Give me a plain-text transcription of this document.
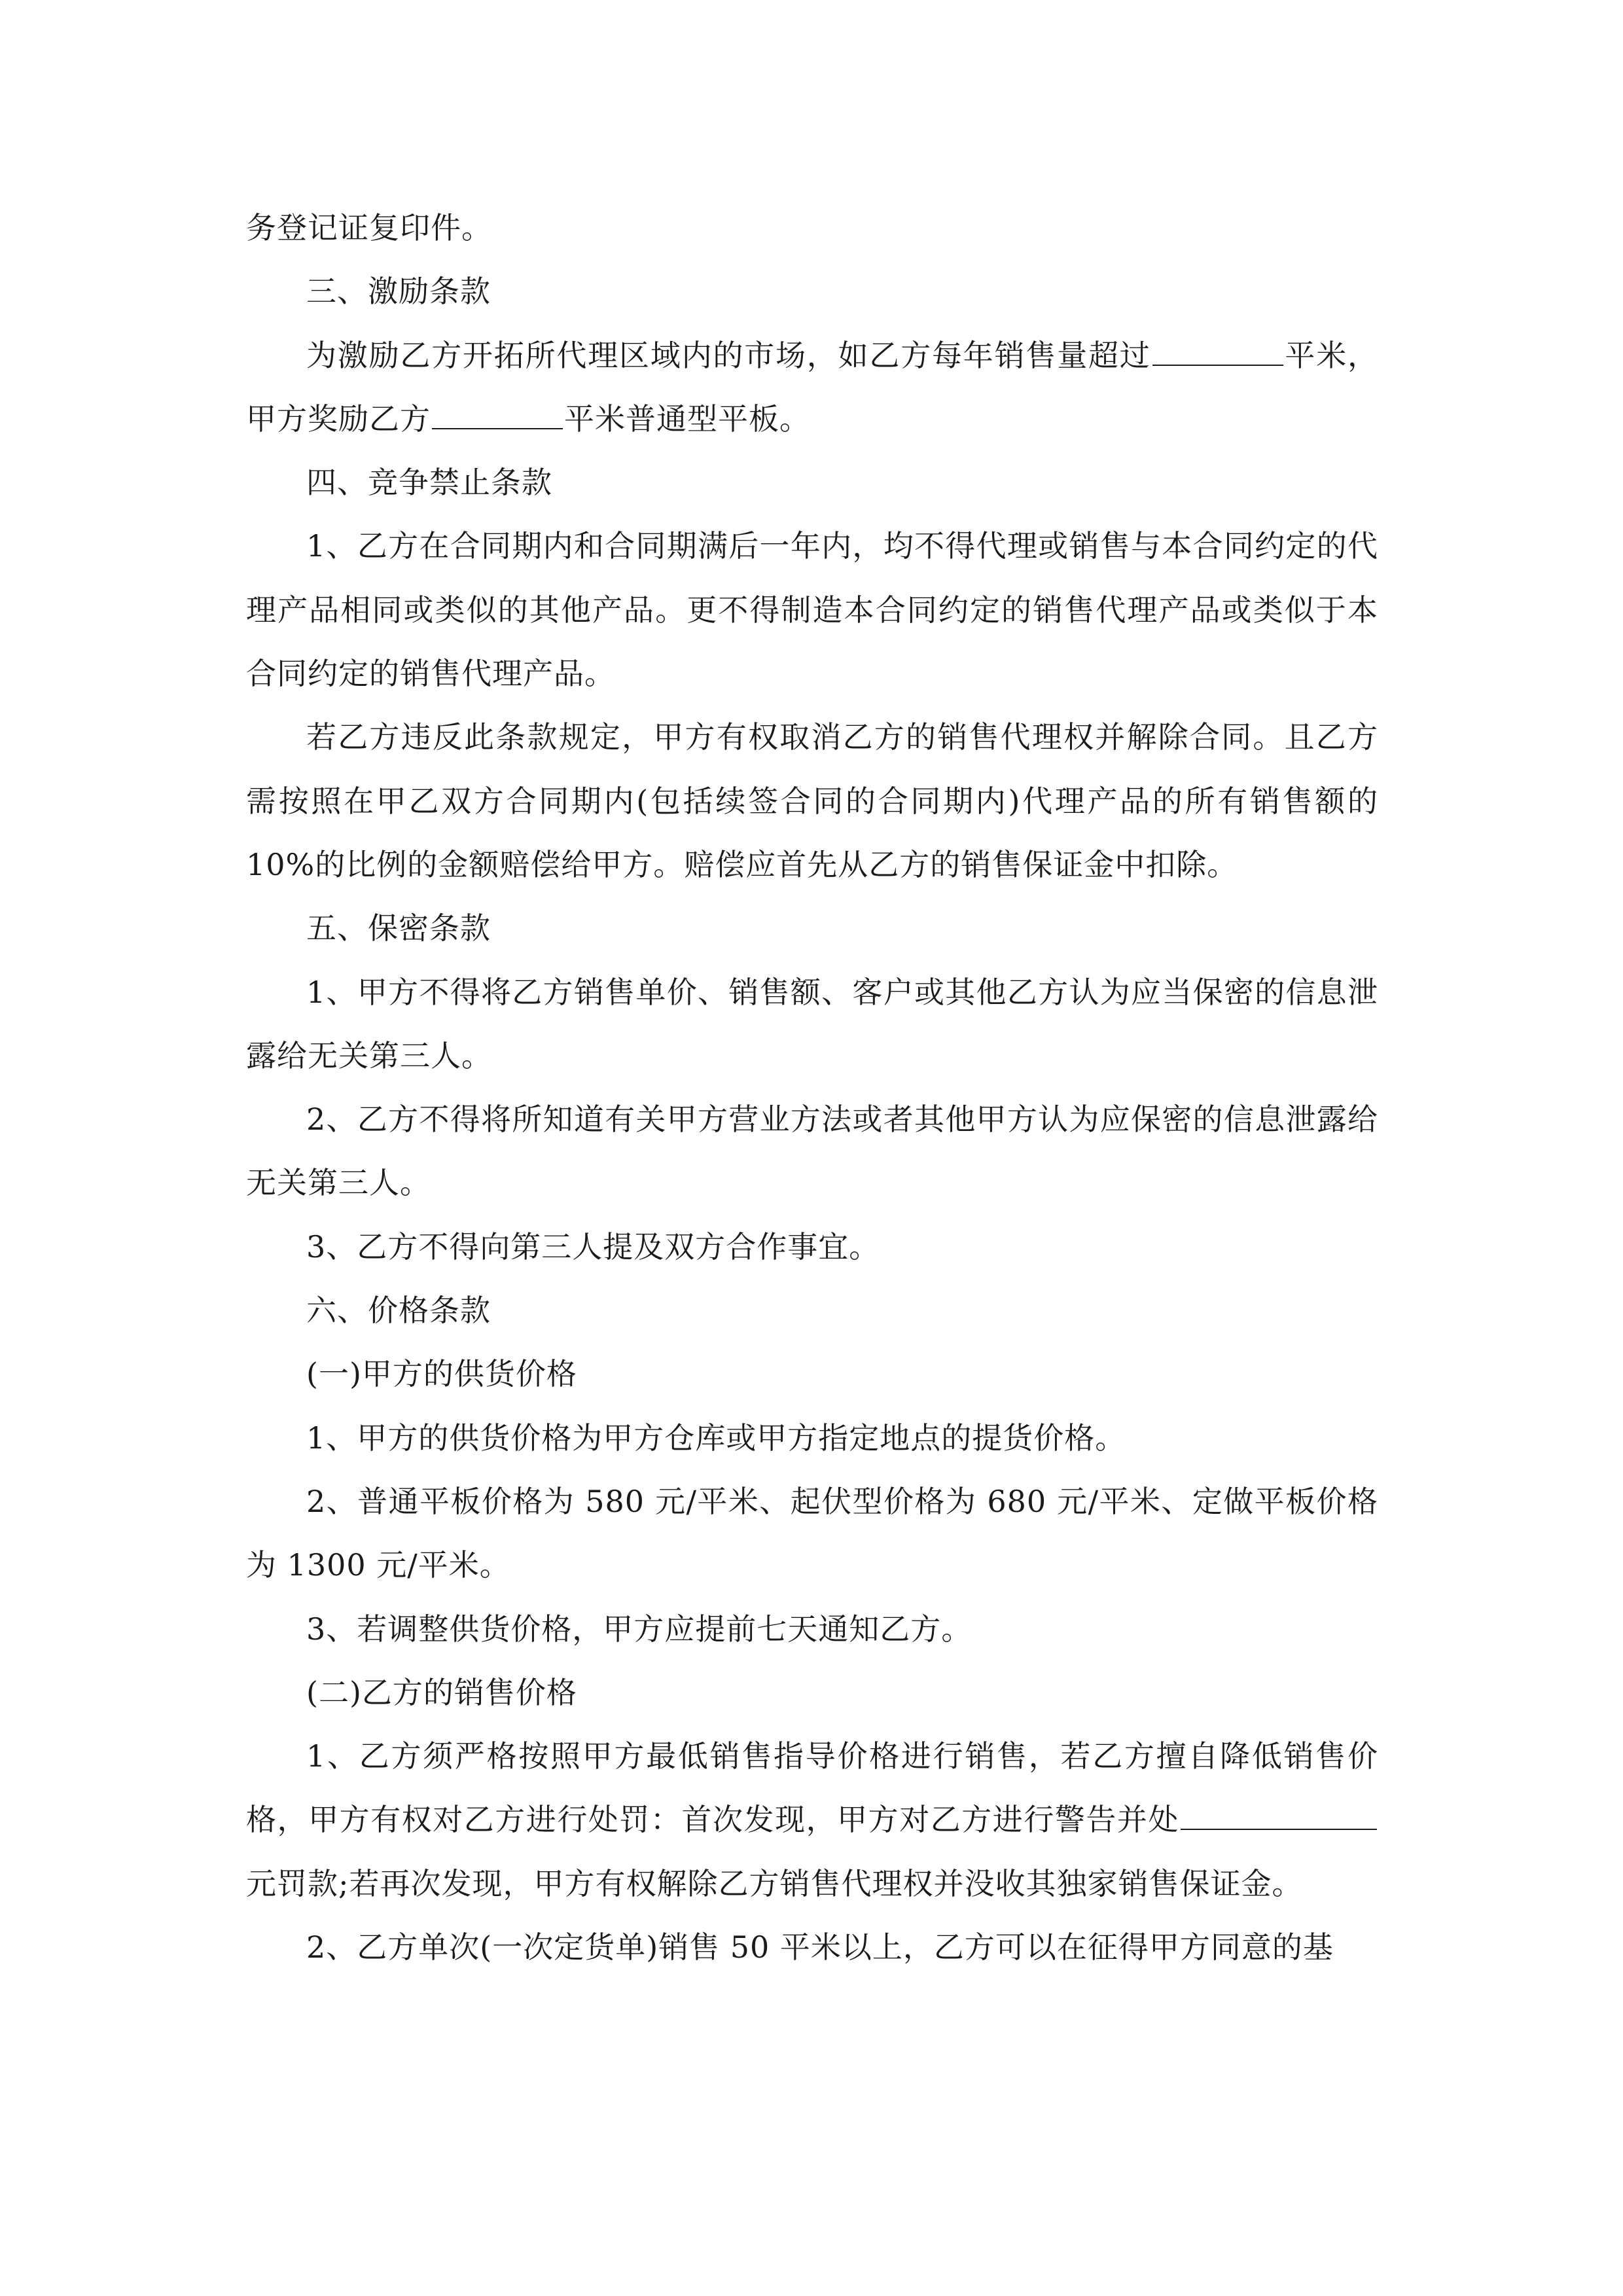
务登记证复印件。

三、激励条款

为激励乙方开拓所代理区域内的市场，如乙方每年销售量超过	平米，甲方奖励乙方	平米普通型平板。

四、竞争禁止条款

1、乙方在合同期内和合同期满后一年内，均不得代理或销售与本合同约定的代理产品相同或类似的其他产品。更不得制造本合同约定的销售代理产品或类似于本合同约定的销售代理产品。

若乙方违反此条款规定，甲方有权取消乙方的销售代理权并解除合同。且乙方需按照在甲乙双方合同期内(包括续签合同的合同期内)代理产品的所有销售额的 10%的比例的金额赔偿给甲方。赔偿应首先从乙方的销售保证金中扣除。

五、保密条款

1、甲方不得将乙方销售单价、销售额、客户或其他乙方认为应当保密的信息泄露给无关第三人。

2、乙方不得将所知道有关甲方营业方法或者其他甲方认为应保密的信息泄露给无关第三人。

3、乙方不得向第三人提及双方合作事宜。

六、价格条款

(一)甲方的供货价格

1、甲方的供货价格为甲方仓库或甲方指定地点的提货价格。

2、普通平板价格为 580 元/平米、起伏型价格为 680 元/平米、定做平板价格为 1300 元/平米。

3、若调整供货价格，甲方应提前七天通知乙方。

(二)乙方的销售价格

1、乙方须严格按照甲方最低销售指导价格进行销售，若乙方擅自降低销售价格，甲方有权对乙方进行处罚：首次发现，甲方对乙方进行警告并处元罚款;若再次发现，甲方有权解除乙方销售代理权并没收其独家销售保证金。

2、乙方单次(一次定货单)销售 50 平米以上，乙方可以在征得甲方同意的基
